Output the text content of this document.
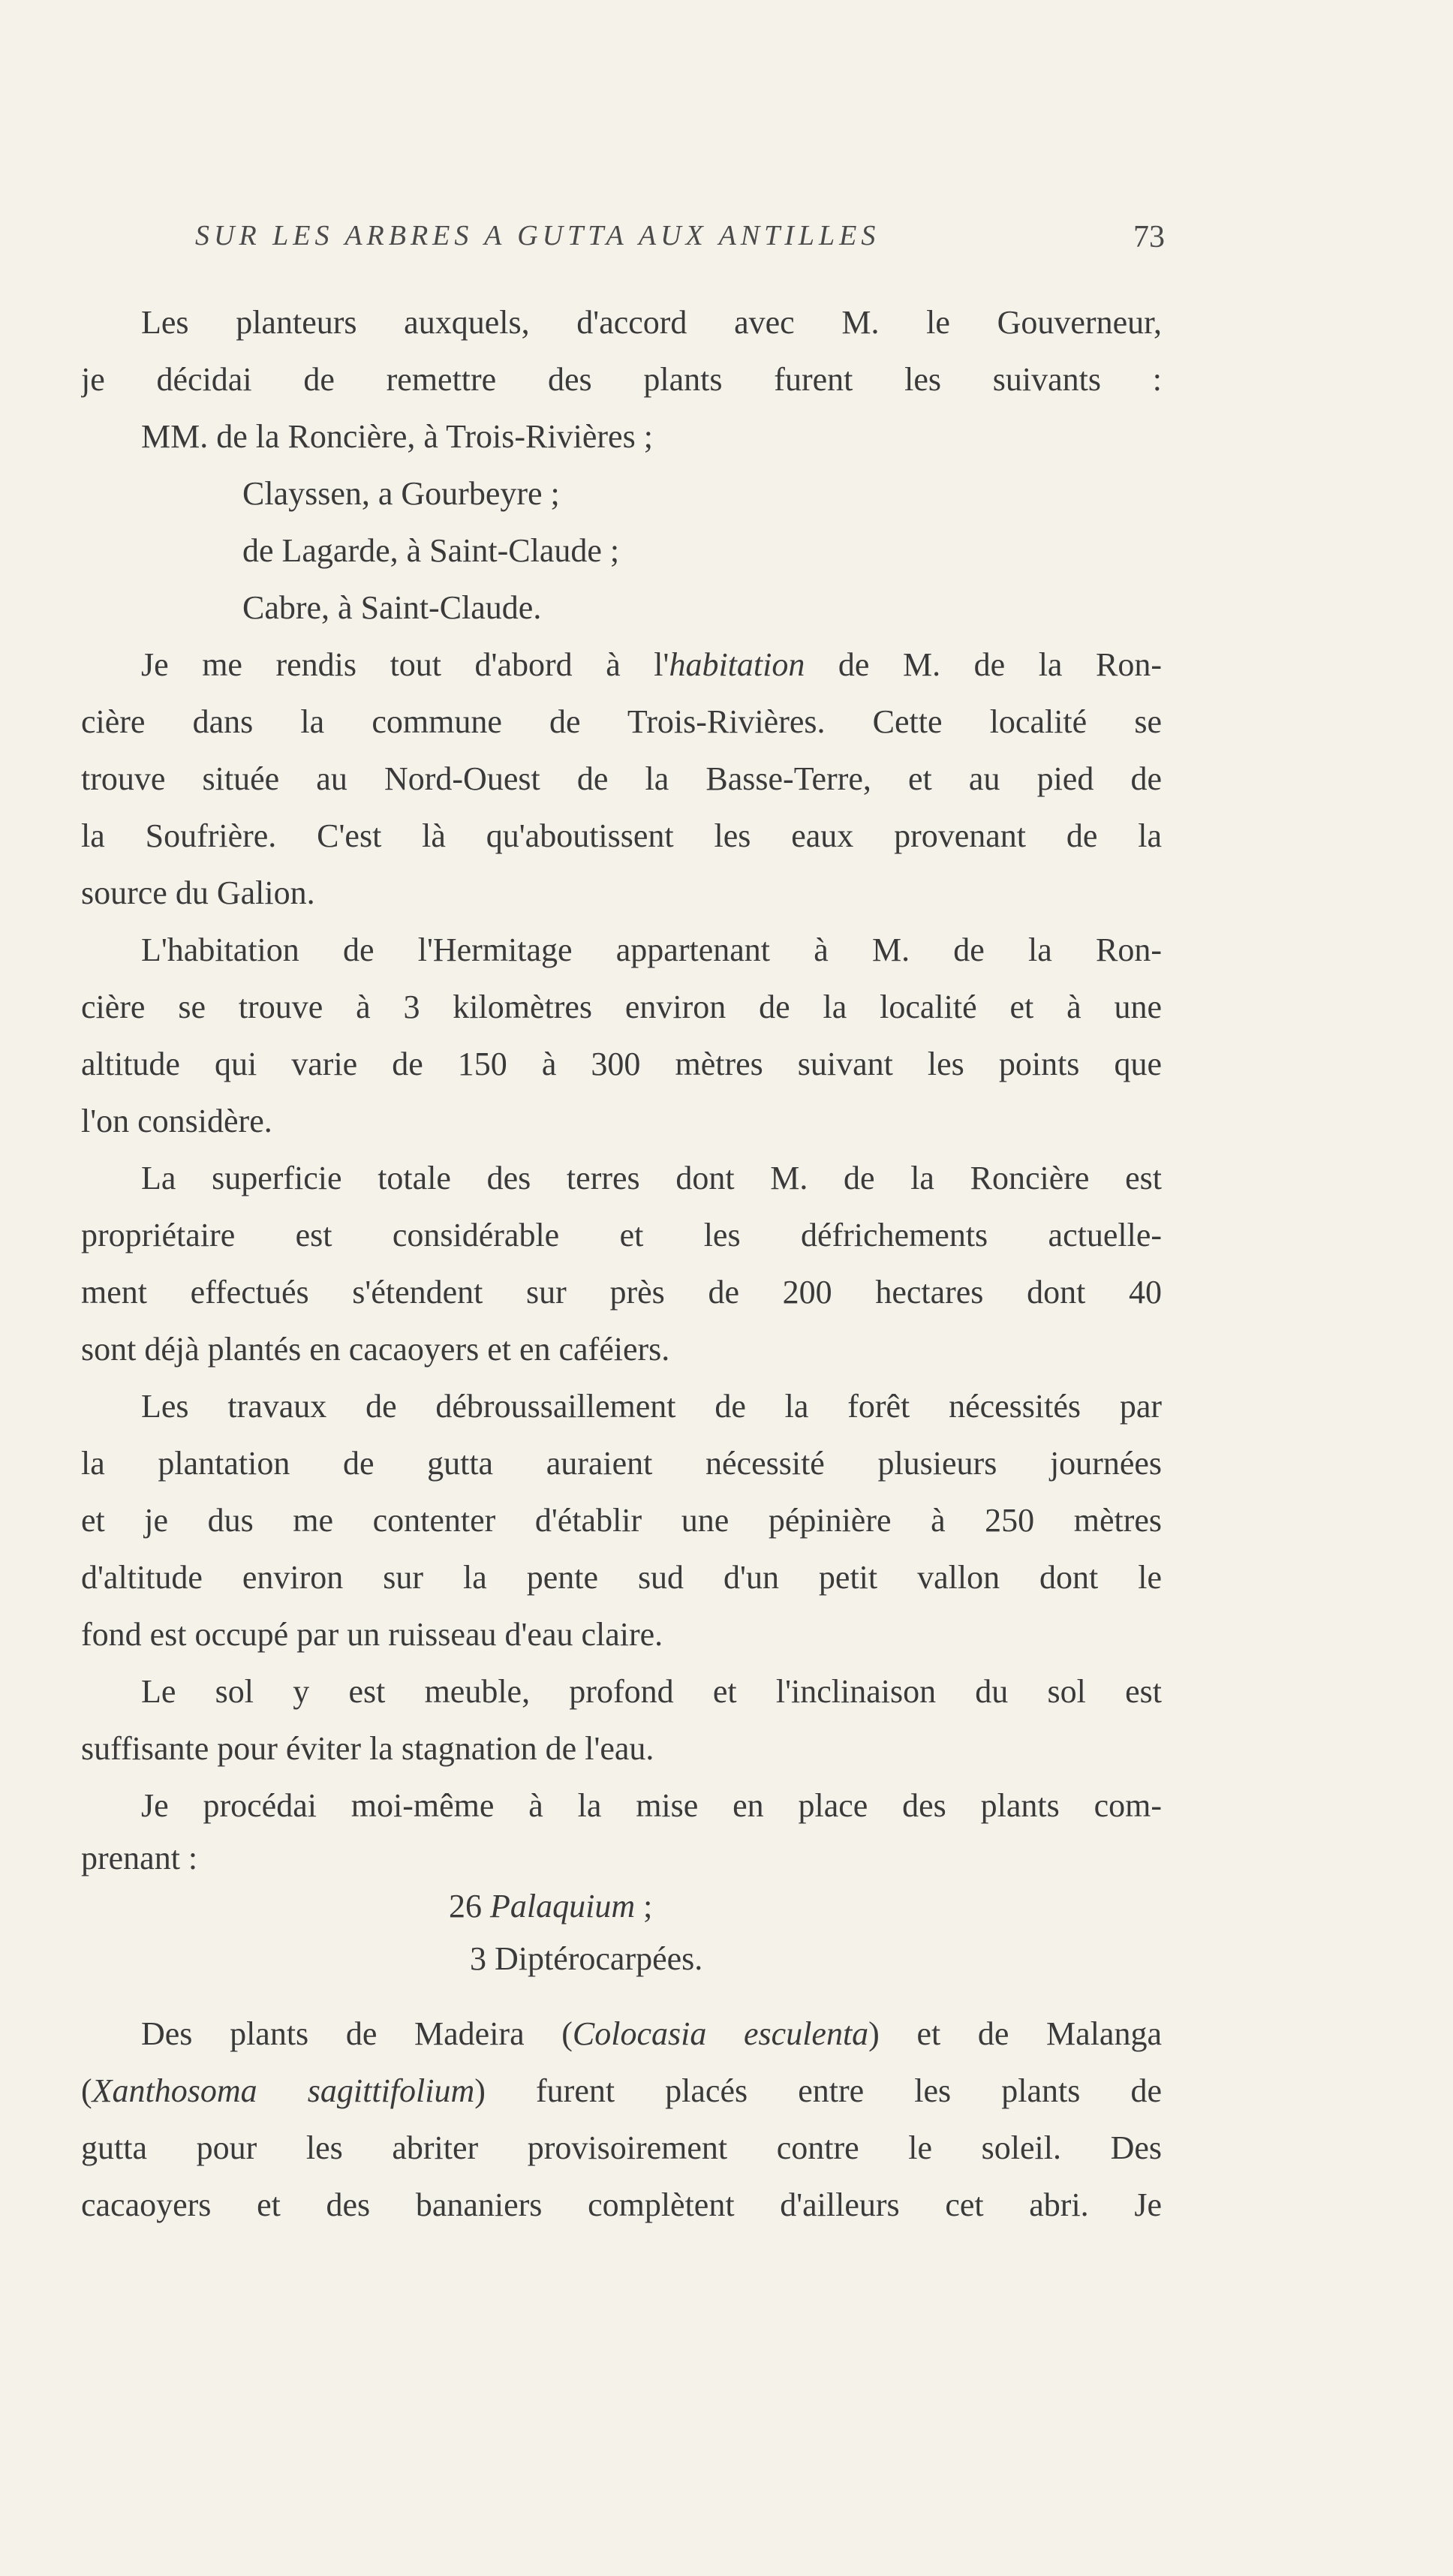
SUR LES ARBRES A GUTTA AUX ANTILLES	73
Les planteurs auxquels, d'accord avec M. le Gouverneur,
je décidai de remettre des plants furent les suivants :
MM. de la Roncière, à Trois-Rivières ;
Clayssen, a Gourbeyre ;
de Lagarde, à Saint-Claude ;
Cabre, à Saint-Claude.
Je me rendis tout d'abord à l'habitation de M. de la Ron-
cière dans la commune de Trois-Rivières. Cette localité se
trouve située au Nord-Ouest de la Basse-Terre, et au pied de
la Soufrière. C'est là qu'aboutissent les eaux provenant de la
source du Galion.
L'habitation de l'Hermitage appartenant à M. de la Ron-
cière se trouve à 3 kilomètres environ de la localité et à une
altitude qui varie de 150 à 300 mètres suivant les points que
l'on considère.
La superficie totale des terres dont M. de la Roncière est
propriétaire est considérable et les défrichements actuelle-
ment effectués s'étendent sur près de 200 hectares dont 40
sont déjà plantés en cacaoyers et en caféiers.
Les travaux de débroussaillement de la forêt nécessités par
la plantation de gutta auraient nécessité plusieurs journées
et je dus me contenter d'établir une pépinière à 250 mètres
d'altitude environ sur la pente sud d'un petit vallon dont le
fond est occupé par un ruisseau d'eau claire.
Le sol y est meuble, profond et l'inclinaison du sol est
suffisante pour éviter la stagnation de l'eau.
Je procédai moi-même à la mise en place des plants com-
prenant :
26 Palaquium ;
3 Diptérocarpées.
Des plants de Madeira (Colocasia esculenta) et de Malanga
(Xanthosoma sagittifolium) furent placés entre les plants de
gutta pour les abriter provisoirement contre le soleil. Des
cacaoyers et des bananiers complètent d'ailleurs cet abri. Je
